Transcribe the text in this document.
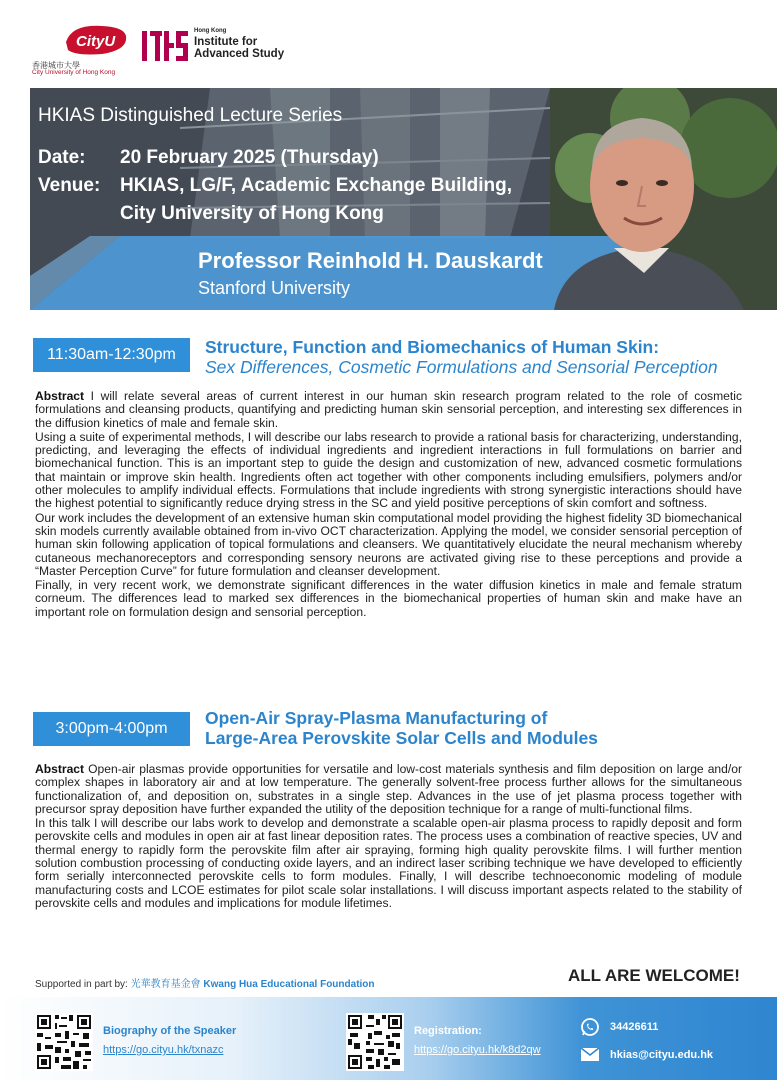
CityU
香港城市大學
City University of Hong Kong
Hong Kong
Institute for Advanced Study
HKIAS Distinguished Lecture Series
Date: 20 February 2025 (Thursday)
Venue: HKIAS, LG/F, Academic Exchange Building,
City University of Hong Kong
Professor Reinhold H. Dauskardt
Stanford University
11:30am-12:30pm	Structure, Function and Biomechanics of Human Skin:
Sex Differences, Cosmetic Formulations and Sensorial Perception

Abstract I will relate several areas of current interest in our human skin research program related to the role of cosmetic formulations and cleansing products, quantifying and predicting human skin sensorial perception, and interesting sex differences in the diffusion kinetics of male and female skin.

Using a suite of experimental methods, I will describe our labs research to provide a rational basis for characterizing, understanding, predicting, and leveraging the effects of individual ingredients and ingredient interactions in full formulations on barrier and biomechanical function. This is an important step to guide the design and customization of new, advanced cosmetic formulations that maintain or improve skin health. Ingredients often act together with other components including emulsifiers, polymers and/or other molecules to amplify individual effects. Formulations that include ingredients with strong synergistic interactions should have the highest potential to significantly reduce drying stress in the SC and yield positive perceptions of skin comfort and softness.

Our work includes the development of an extensive human skin computational model providing the highest fidelity 3D biomechanical skin models currently available obtained from in-vivo OCT characterization. Applying the model, we consider sensorial perception of human skin following application of topical formulations and cleansers. We quantitatively elucidate the neural mechanism whereby cutaneous mechanoreceptors and corresponding sensory neurons are activated giving rise to these perceptions and provide a “Master Perception Curve” for future formulation and cleanser development.

Finally, in very recent work, we demonstrate significant differences in the water diffusion kinetics in male and female stratum corneum. The differences lead to marked sex differences in the biomechanical properties of human skin and make have an important role on formulation design and sensorial perception.

3:00pm-4:00pm
Open-Air Spray-Plasma Manufacturing of
Large-Area Perovskite Solar Cells and Modules

Abstract Open-air plasmas provide opportunities for versatile and low-cost materials synthesis and film deposition on large and/or complex shapes in laboratory air and at low temperature. The generally solvent-free process further allows for the simultaneous functionalization of, and deposition on, substrates in a single step. Advances in the use of jet plasma process together with precursor spray deposition have further expanded the utility of the deposition technique for a range of multi-functional films.

In this talk I will describe our labs work to develop and demonstrate a scalable open-air plasma process to rapidly deposit and form perovskite cells and modules in open air at fast linear deposition rates. The process uses a combination of reactive species, UV and thermal energy to rapidly form the perovskite film after air spraying, forming high quality perovskite films. I will further mention solution combustion processing of conducting oxide layers, and an indirect laser scribing technique we have developed to efficiently form serially interconnected perovskite cells to form modules. Finally, I will describe technoeconomic modeling of module manufacturing costs and LCOE estimates for pilot scale solar installations. I will discuss important aspects related to the stability of perovskite cells and modules and implications for module lifetimes.

Supported in part by: 光華教育基金會 Kwang Hua Educational Foundation	ALL ARE WELCOME!
Biography of the Speaker
https://go.cityu.hk/txnazc
Registration:
https://go.cityu.hk/k8d2qw
34426611
hkias@cityu.edu.hk
